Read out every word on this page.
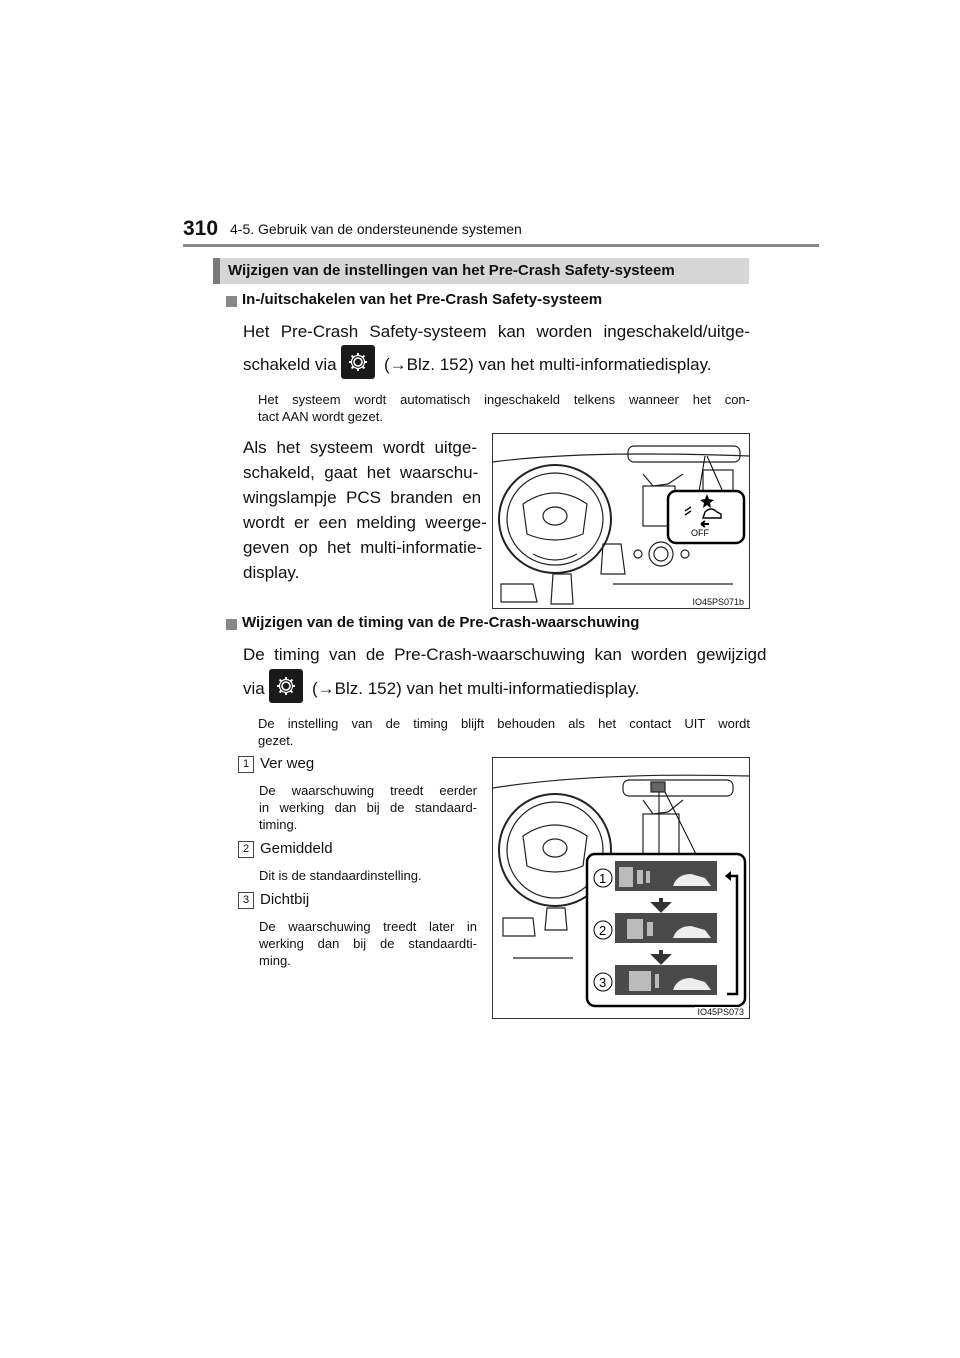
310 4-5. Gebruik van de ondersteunende systemen
Wijzigen van de instellingen van het Pre-Crash Safety-systeem
In-/uitschakelen van het Pre-Crash Safety-systeem
Het  Pre-Crash  Safety-systeem  kan  worden  ingeschakeld/uitge-
schakeld via	(→Blz. 152) van het multi-informatiedisplay.
Het systeem wordt automatisch ingeschakeld telkens wanneer het con-
tact AAN wordt gezet.
Als  het  systeem  wordt  uitge-
schakeld,  gaat  het  waarschu-
wingslampje  PCS  branden  en
wordt  er  een  melding  weerge-
geven  op  het  multi-informatie-
display.
OFF
IO45PS071b
Wijzigen van de timing van de Pre-Crash-waarschuwing
De  timing  van  de  Pre-Crash-waarschuwing  kan  worden  gewijzigd
via	(→Blz. 152) van het multi-informatiedisplay.
De  instelling  van  de  timing  blijft  behouden  als  het  contact  UIT  wordt
gezet.
1 Ver weg
De  waarschuwing  treedt  eerder
in werking dan bij de standaard-
timing.
2 Gemiddeld
Dit is de standaardinstelling.
3 Dichtbij
De  waarschuwing  treedt  later  in
werking  dan  bij  de  standaardti-
ming.
1
2
3
IO45PS073
